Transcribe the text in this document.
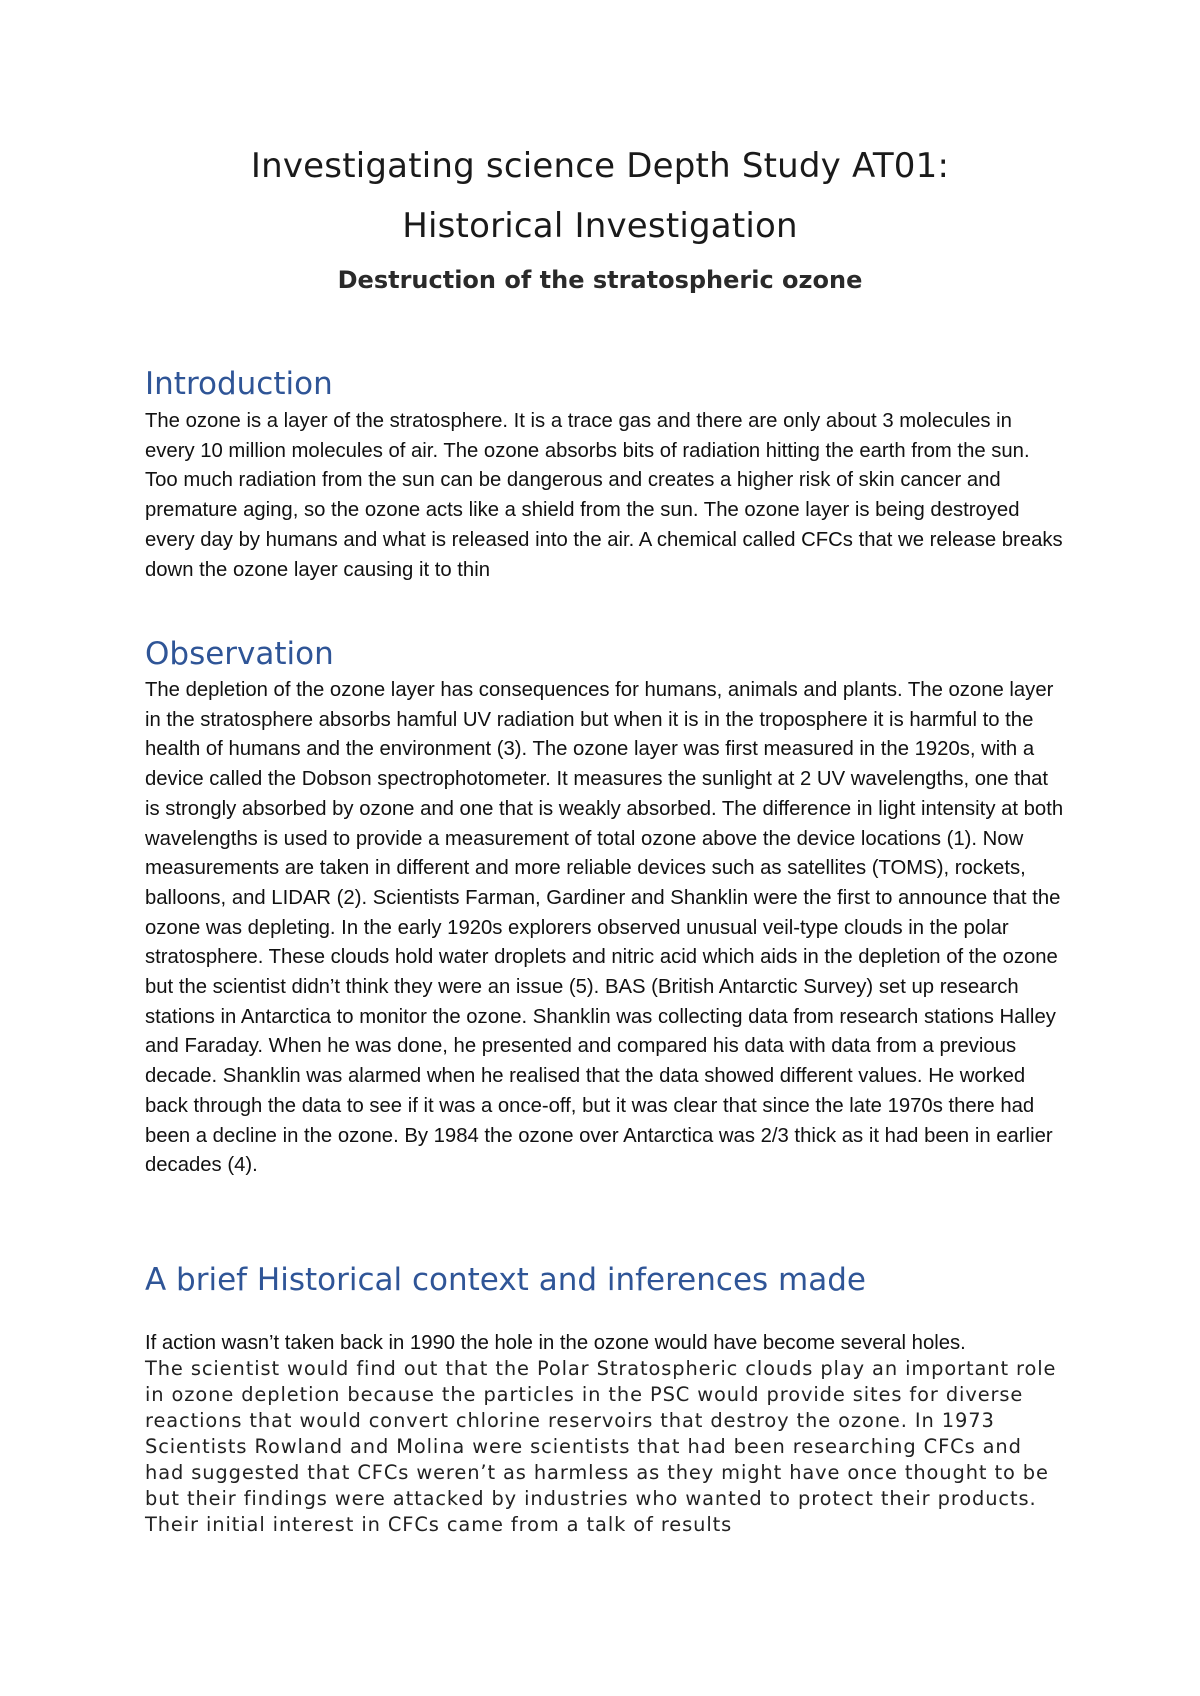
Investigating science Depth Study AT01:
Historical Investigation
Destruction of the stratospheric ozone
Introduction

The ozone is a layer of the stratosphere. It is a trace gas and there are only about 3 molecules in every 10 million molecules of air. The ozone absorbs bits of radiation hitting the earth from the sun. Too much radiation from the sun can be dangerous and creates a higher risk of skin cancer and premature aging, so the ozone acts like a shield from the sun. The ozone layer is being destroyed every day by humans and what is released into the air. A chemical called CFCs that we release breaks down the ozone layer causing it to thin

Observation

The depletion of the ozone layer has consequences for humans, animals and plants. The ozone layer in the stratosphere absorbs hamful UV radiation but when it is in the troposphere it is harmful to the health of humans and the environment (3). The ozone layer was first measured in the 1920s, with a device called the Dobson spectrophotometer. It measures the sunlight at 2 UV wavelengths, one that is strongly absorbed by ozone and one that is weakly absorbed. The difference in light intensity at both wavelengths is used to provide a measurement of total ozone above the device locations (1). Now measurements are taken in different and more reliable devices such as satellites (TOMS), rockets, balloons, and LIDAR (2). Scientists Farman, Gardiner and Shanklin were the first to announce that the ozone was depleting. In the early 1920s explorers observed unusual veil-type clouds in the polar stratosphere. These clouds hold water droplets and nitric acid which aids in the depletion of the ozone but the scientist didn’t think they were an issue (5). BAS (British Antarctic Survey) set up research stations in Antarctica to monitor the ozone. Shanklin was collecting data from research stations Halley and Faraday. When he was done, he presented and compared his data with data from a previous decade. Shanklin was alarmed when he realised that the data showed different values. He worked back through the data to see if it was a once-off, but it was clear that since the late 1970s there had been a decline in the ozone. By 1984 the ozone over Antarctica was 2/3 thick as it had been in earlier decades (4).

A brief Historical context and inferences made

If action wasn’t taken back in 1990 the hole in the ozone would have become several holes.

The scientist would find out that the Polar Stratospheric clouds play an important role in ozone depletion because the particles in the PSC would provide sites for diverse reactions that would convert chlorine reservoirs that destroy the ozone. In 1973 Scientists Rowland and Molina were scientists that had been researching CFCs and had suggested that CFCs weren’t as harmless as they might have once thought to be but their findings were attacked by industries who wanted to protect their products. Their initial interest in CFCs came from a talk of results
